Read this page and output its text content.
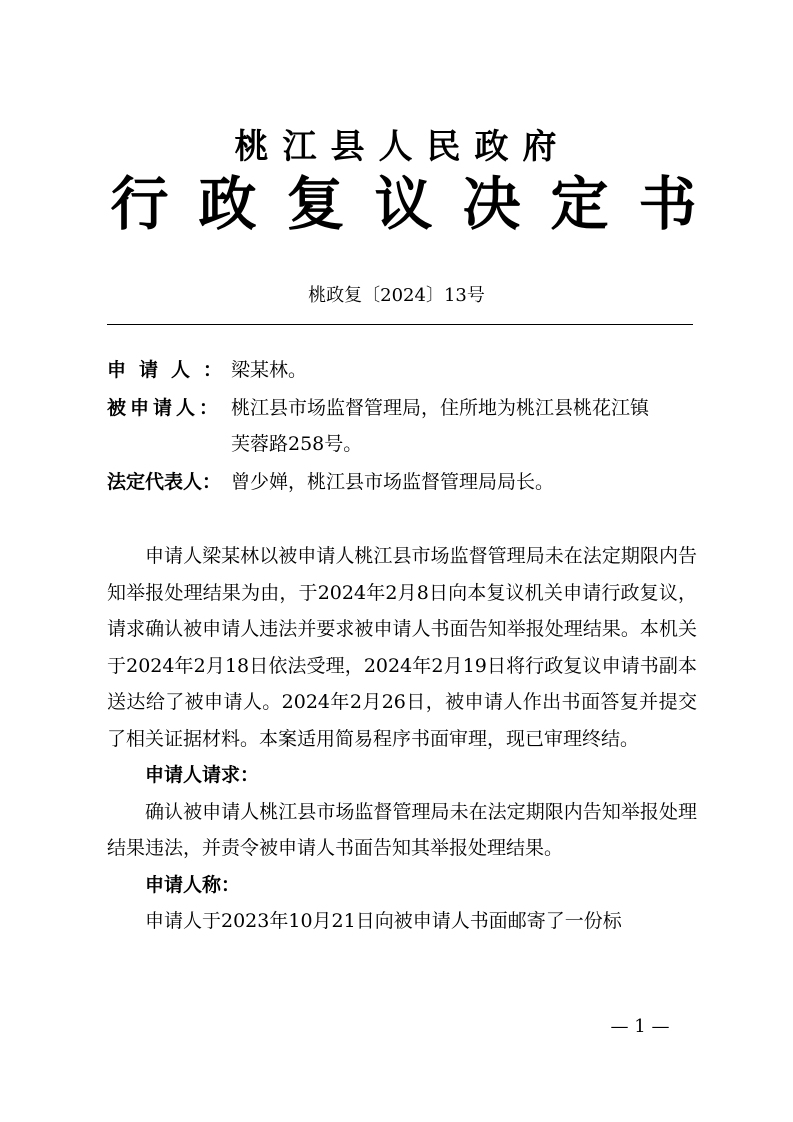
桃江县人民政府
行政复议决定书
桃政复〔2024〕13号
申请人：梁某林。
被申请人： 桃江县市场监督管理局，住所地为桃江县桃花江镇
芙蓉路258号。
法定代表人： 曾少婵，桃江县市场监督管理局局长。

申请人梁某林以被申请人桃江县市场监督管理局未在法定期限内告知举报处理结果为由，于2024年2月8日向本复议机关申请行政复议，请求确认被申请人违法并要求被申请人书面告知举报处理结果。本机关于2024年2月18日依法受理，2024年2月19日将行政复议申请书副本送达给了被申请人。2024年2月26日，被申请人作出书面答复并提交了相关证据材料。本案适用简易程序书面审理，现已审理终结。

申请人请求：

确认被申请人桃江县市场监督管理局未在法定期限内告知举报处理结果违法，并责令被申请人书面告知其举报处理结果。

申请人称：

申请人于2023年10月21日向被申请人书面邮寄了一份标

— 1 —
